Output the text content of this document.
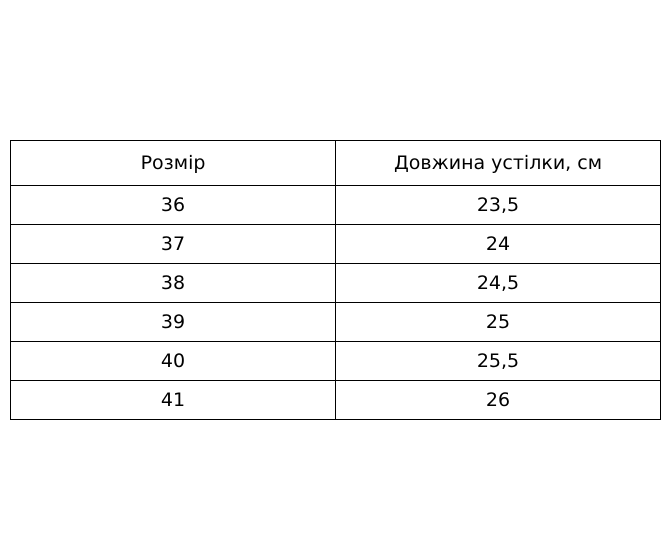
Розмір	Довжина устілки, см
36	23,5
37	24
38	24,5
39	25
40	25,5
41	26
